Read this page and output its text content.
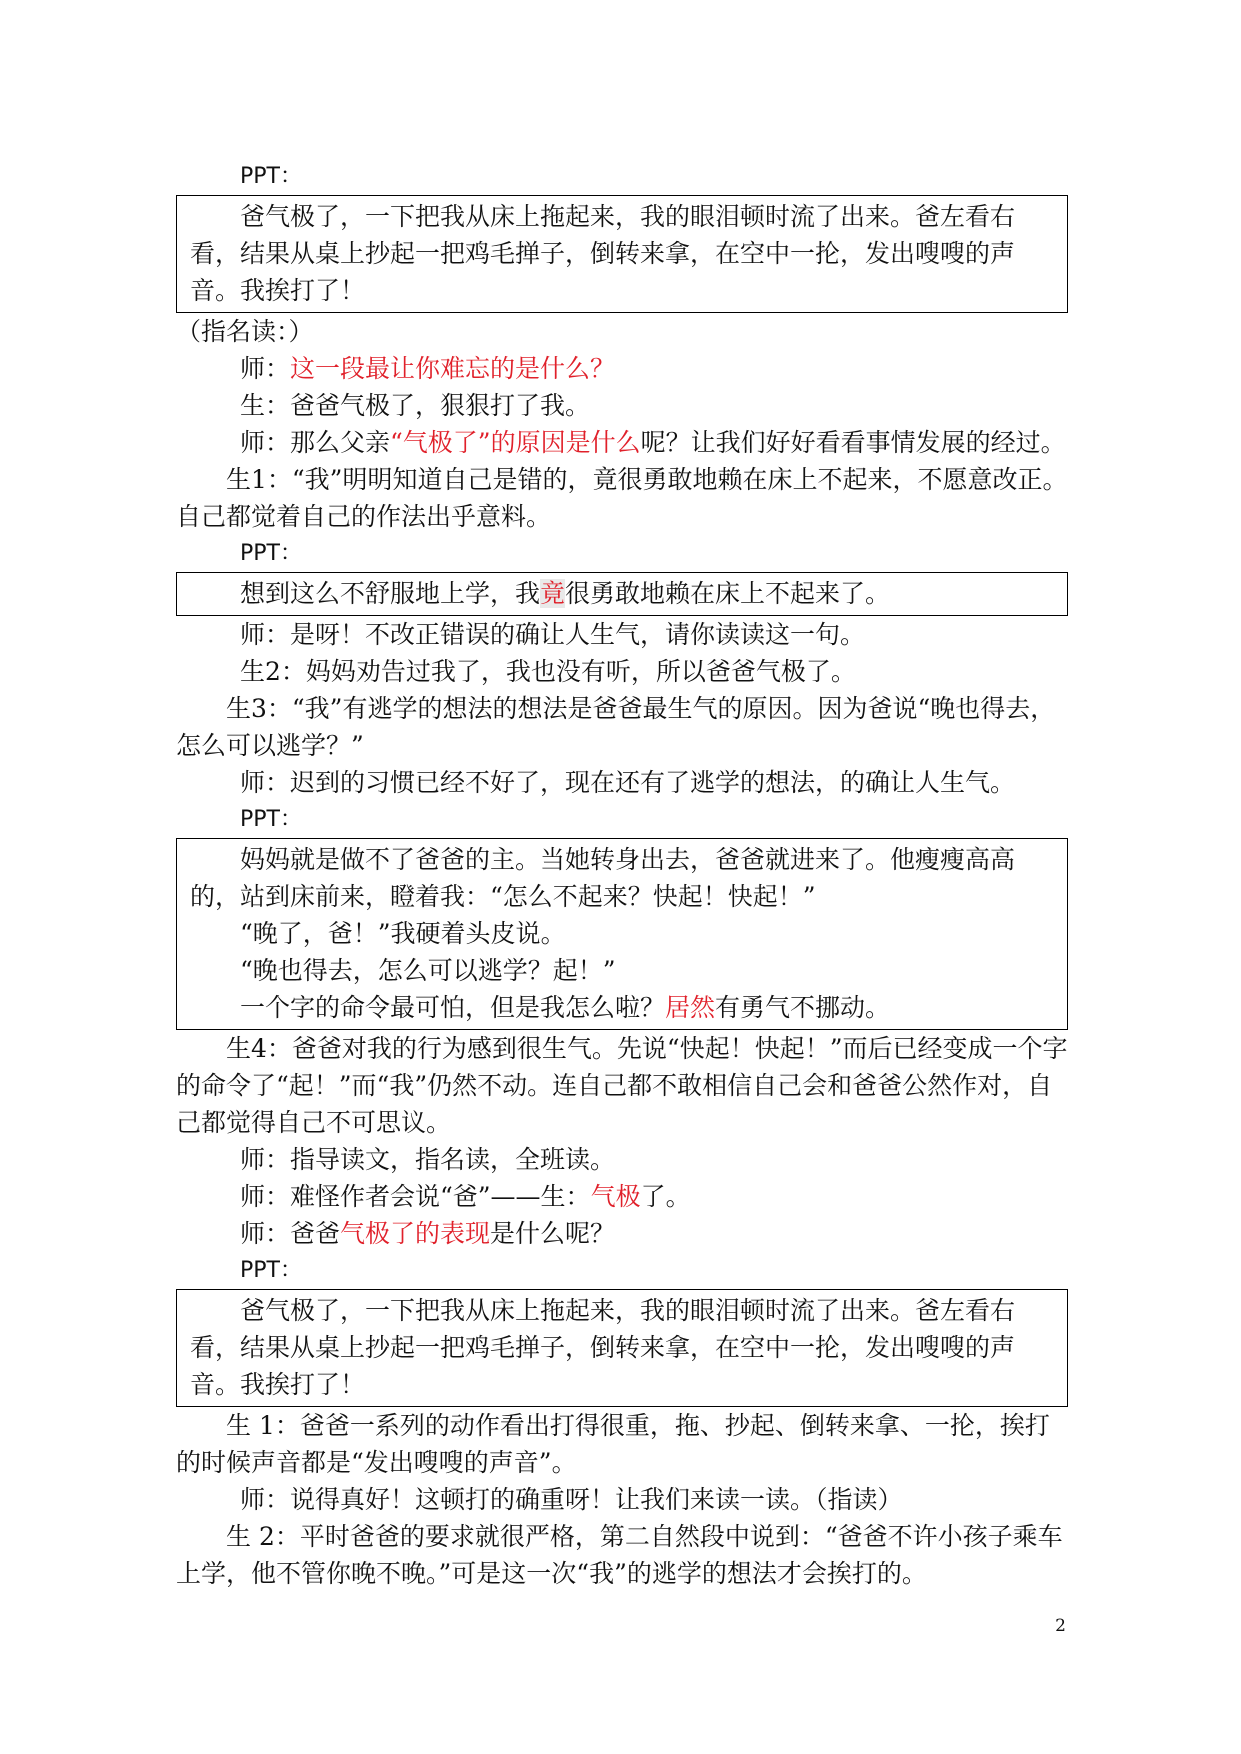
PPT：
爸气极了，一下把我从床上拖起来，我的眼泪顿时流了出来。爸左看右看，结果从桌上抄起一把鸡毛掸子，倒转来拿，在空中一抡，发出嗖嗖的声音。我挨打了！
（指名读：）
师：这一段最让你难忘的是什么？
生：爸爸气极了，狠狠打了我。
师：那么父亲“气极了”的原因是什么呢？让我们好好看看事情发展的经过。
生1：“我”明明知道自己是错的，竟很勇敢地赖在床上不起来，不愿意改正。自己都觉着自己的作法出乎意料。
PPT：
想到这么不舒服地上学，我竟很勇敢地赖在床上不起来了。
师：是呀！不改正错误的确让人生气，请你读读这一句。
生2：妈妈劝告过我了，我也没有听，所以爸爸气极了。
生3：“我”有逃学的想法的想法是爸爸最生气的原因。因为爸说“晚也得去，怎么可以逃学？”
师：迟到的习惯已经不好了，现在还有了逃学的想法，的确让人生气。
PPT：
妈妈就是做不了爸爸的主。当她转身出去，爸爸就进来了。他瘦瘦高高的，站到床前来，瞪着我：“怎么不起来？快起！快起！”
“晚了，爸！”我硬着头皮说。
“晚也得去，怎么可以逃学？起！”
一个字的命令最可怕，但是我怎么啦？居然有勇气不挪动。
生4：爸爸对我的行为感到很生气。先说“快起！快起！”而后已经变成一个字的命令了“起！”而“我”仍然不动。连自己都不敢相信自己会和爸爸公然作对，自己都觉得自己不可思议。
师：指导读文，指名读，全班读。
师：难怪作者会说“爸”——生：气极了。
师：爸爸气极了的表现是什么呢？
PPT：
爸气极了，一下把我从床上拖起来，我的眼泪顿时流了出来。爸左看右看，结果从桌上抄起一把鸡毛掸子，倒转来拿，在空中一抡，发出嗖嗖的声音。我挨打了！
生 1：爸爸一系列的动作看出打得很重，拖、抄起、倒转来拿、一抡，挨打的时候声音都是“发出嗖嗖的声音”。
师：说得真好！这顿打的确重呀！让我们来读一读。（指读）
生 2：平时爸爸的要求就很严格，第二自然段中说到：“爸爸不许小孩子乘车上学，他不管你晚不晚。”可是这一次“我”的逃学的想法才会挨打的。
2
